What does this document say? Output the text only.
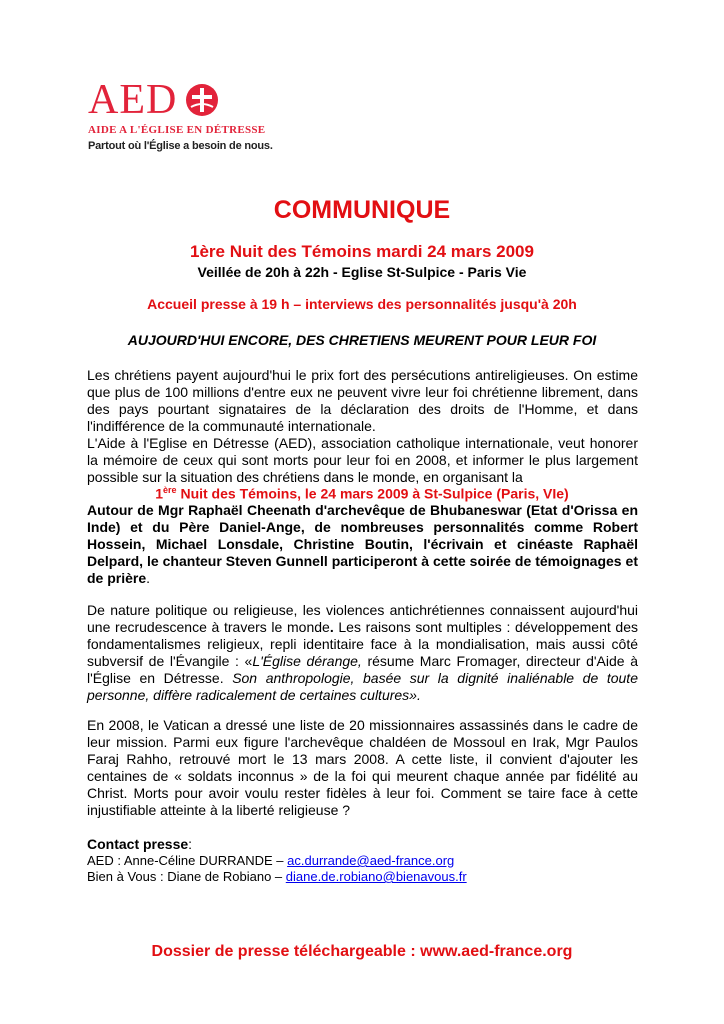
AED
AIDE A L'ÉGLISE EN DÉTRESSE
Partout où l'Église a besoin de nous.
COMMUNIQUE
1ère Nuit des Témoins mardi 24 mars 2009
Veillée de 20h à 22h - Eglise St-Sulpice - Paris Vie
Accueil presse à 19 h – interviews des personnalités jusqu'à 20h
AUJOURD'HUI ENCORE, DES CHRETIENS MEURENT POUR LEUR FOI

Les chrétiens payent aujourd'hui le prix fort des persécutions antireligieuses. On estime que plus de 100 millions d'entre eux ne peuvent vivre leur foi chrétienne librement, dans des pays pourtant signataires de la déclaration des droits de l'Homme, et dans l'indifférence de la communauté internationale.

L'Aide à l'Eglise en Détresse (AED), association catholique internationale, veut honorer la mémoire de ceux qui sont morts pour leur foi en 2008, et informer le plus largement possible sur la situation des chrétiens dans le monde, en organisant la

1ère Nuit des Témoins, le 24 mars 2009 à St-Sulpice (Paris, VIe)
Autour de Mgr Raphaël Cheenath d'archevêque de Bhubaneswar (Etat d'Orissa en Inde) et du Père Daniel-Ange, de nombreuses personnalités comme Robert Hossein, Michael Lonsdale, Christine Boutin, l'écrivain et cinéaste Raphaël Delpard, le chanteur Steven Gunnell participeront à cette soirée de témoignages et de prière.
De nature politique ou religieuse, les violences antichrétiennes connaissent aujourd'hui une recrudescence à travers le monde. Les raisons sont multiples : développement des fondamentalismes religieux, repli identitaire face à la mondialisation, mais aussi côté subversif de l'Évangile : «L'Église dérange, résume Marc Fromager, directeur d'Aide à l'Église en Détresse. Son anthropologie, basée sur la dignité inaliénable de toute personne, diffère radicalement de certaines cultures».
En 2008, le Vatican a dressé une liste de 20 missionnaires assassinés dans le cadre de leur mission. Parmi eux figure l'archevêque chaldéen de Mossoul en Irak, Mgr Paulos Faraj Rahho, retrouvé mort le 13 mars 2008. A cette liste, il convient d'ajouter les centaines de « soldats inconnus » de la foi qui meurent chaque année par fidélité au Christ. Morts pour avoir voulu rester fidèles à leur foi. Comment se taire face à cette injustifiable atteinte à la liberté religieuse ?
Contact presse:
AED : Anne-Céline DURRANDE – ac.durrande@aed-france.org
Bien à Vous : Diane de Robiano – diane.de.robiano@bienavous.fr
Dossier de presse téléchargeable : www.aed-france.org
